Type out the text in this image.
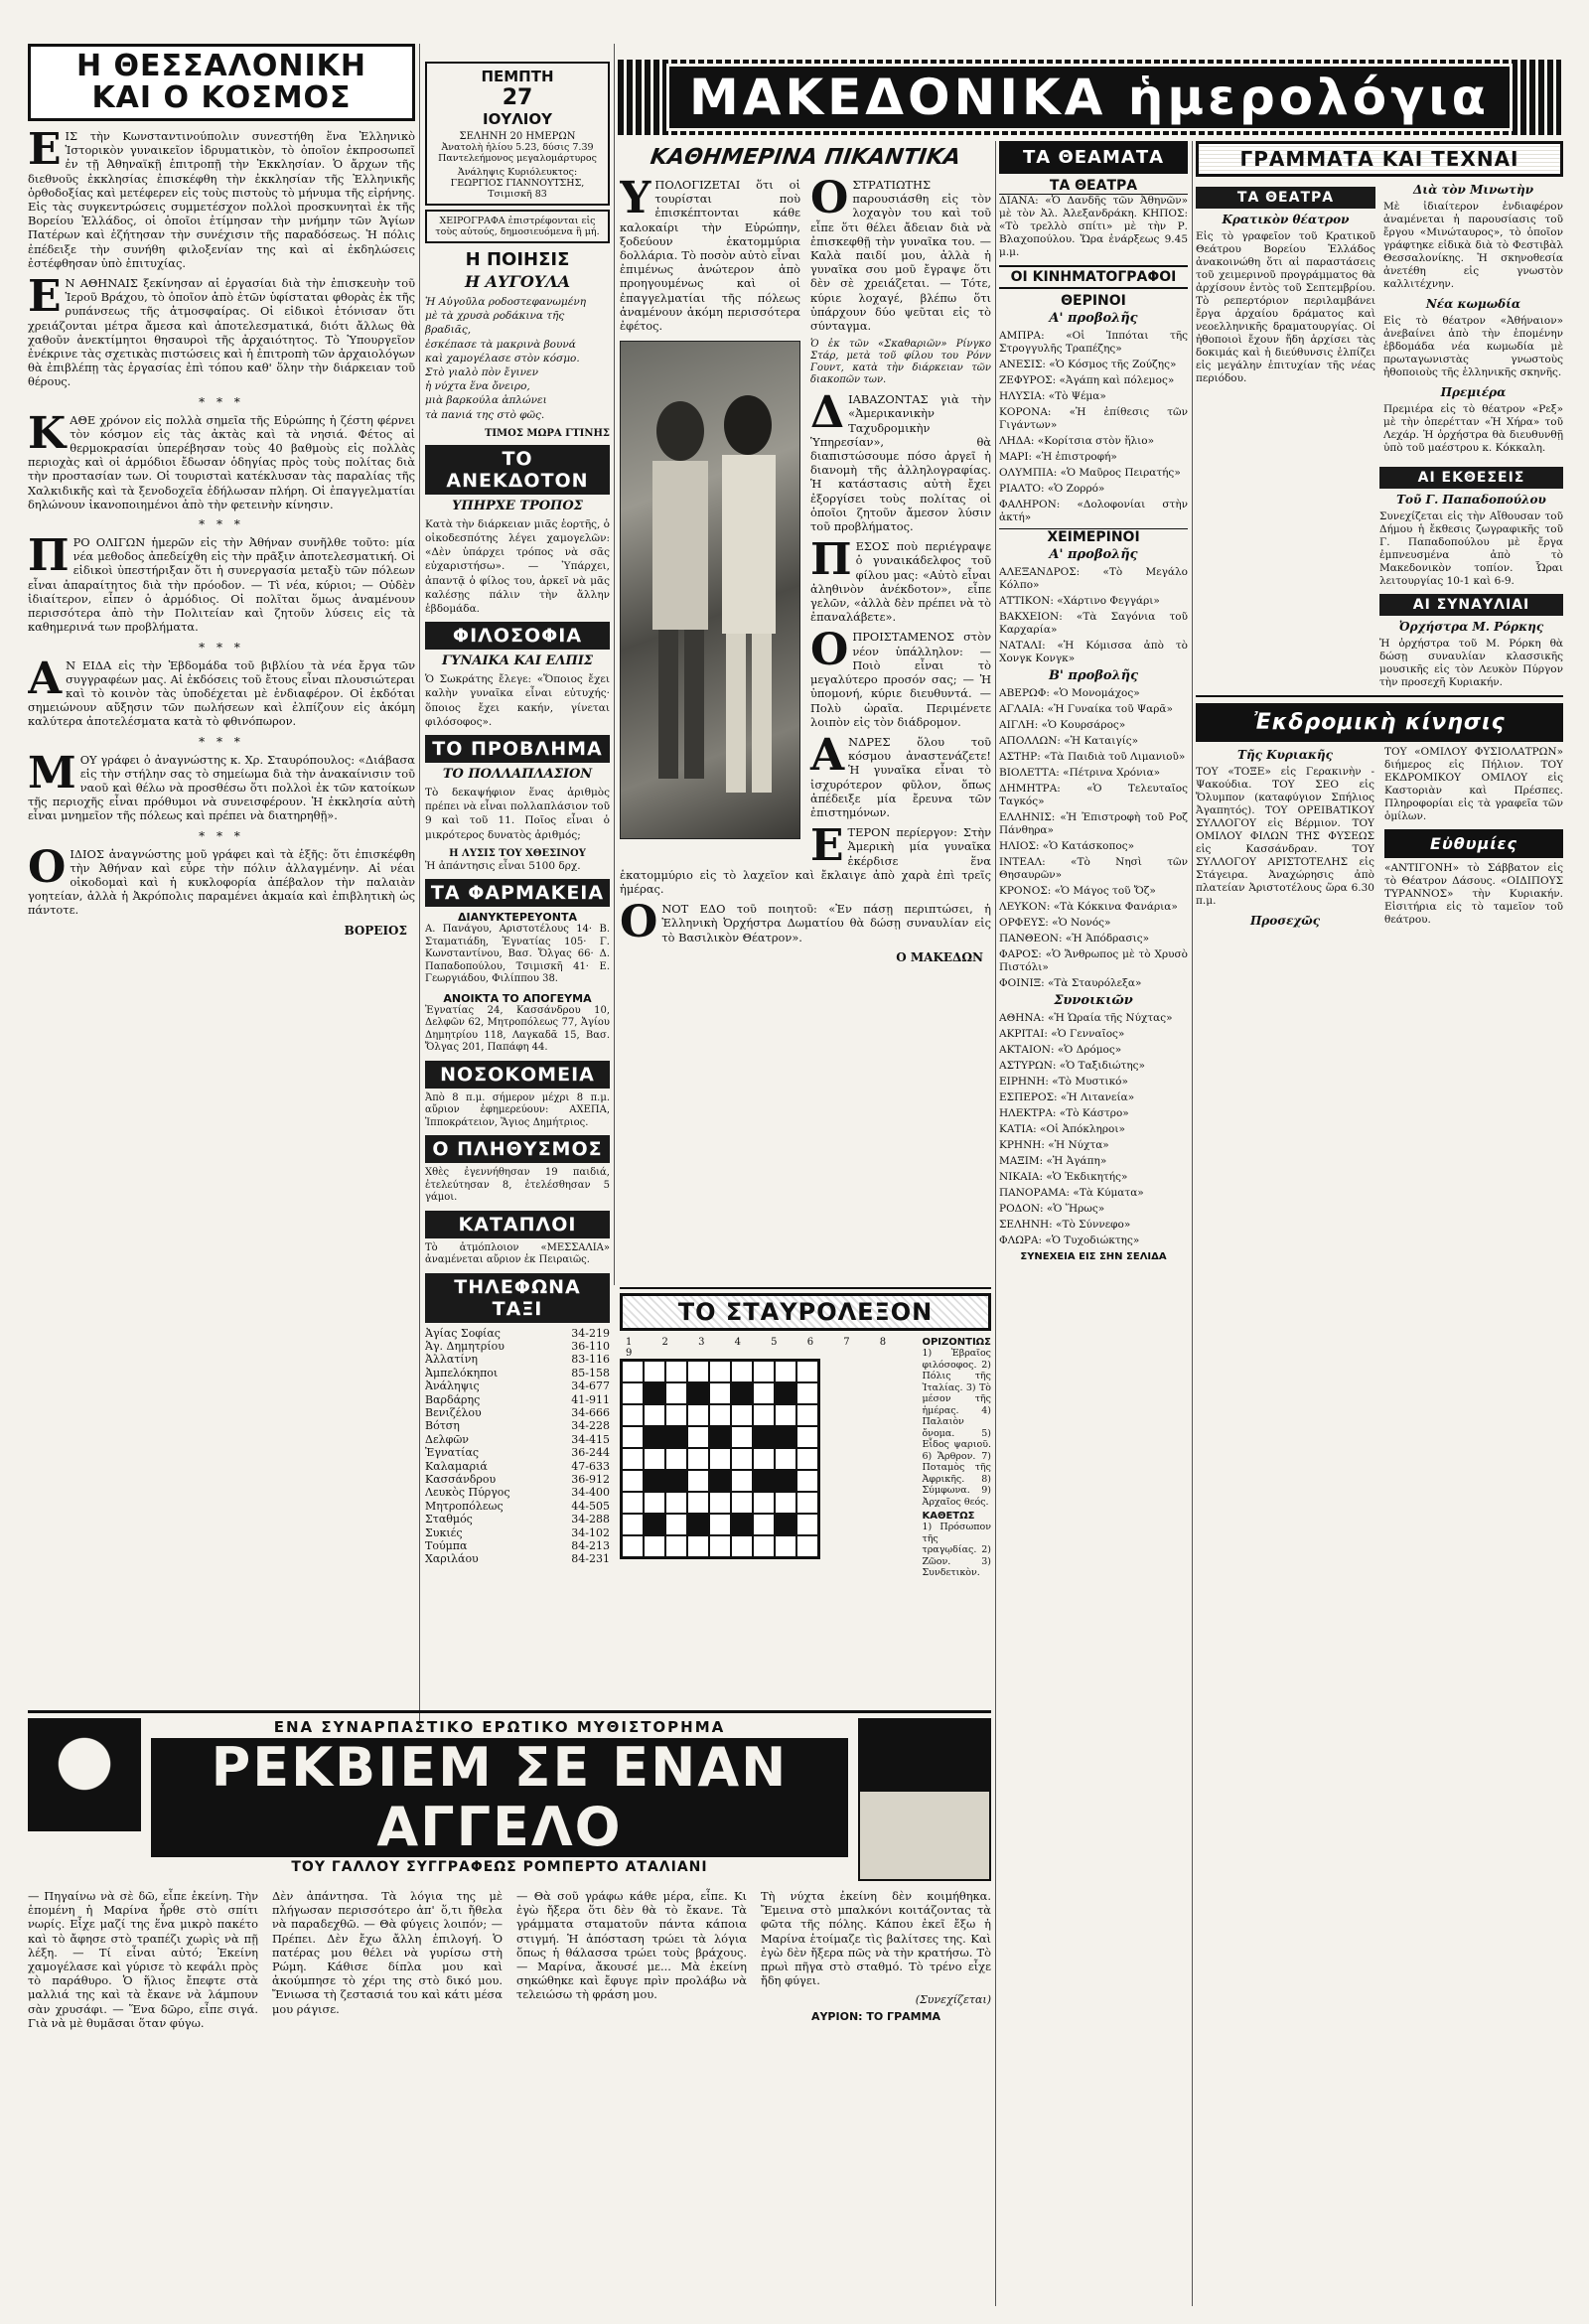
Η ΘΕΣΣΑΛΟΝΙΚΗ
ΚΑΙ Ο ΚΟΣΜΟΣ

ΕΙΣ τὴν Κωνσταντινούπολιν συνεστήθη ἕνα Ἑλληνικὸ Ἱστορικὸν γυναικεῖον ἱδρυματικὸν, τὸ ὁποῖον ἐκπροσωπεῖ ἐν τῇ Ἀθηναϊκῇ ἐπιτροπῇ τὴν Ἐκκλησίαν. Ὁ ἄρχων τῆς διεθνοῦς ἐκκλησίας ἐπισκέφθη τὴν ἐκκλησίαν τῆς Ἐλληνικῆς ὀρθοδοξίας καὶ μετέφερεν εἰς τοὺς πιστοὺς τὸ μήνυμα τῆς εἰρήνης. Εἰς τὰς συγκεντρώσεις συμμετέσχον πολλοὶ προσκυνηταὶ ἐκ τῆς Βορείου Ἑλλάδος, οἱ ὁποῖοι ἐτίμησαν τὴν μνήμην τῶν Ἁγίων Πατέρων καὶ ἐζήτησαν τὴν συνέχισιν τῆς παραδόσεως. Ἡ πόλις ἐπέδειξε τὴν συνήθη φιλοξενίαν της καὶ αἱ ἐκδηλώσεις ἐστέφθησαν ὑπὸ ἐπιτυχίας.

ΕΝ ΑΘΗΝΑΙΣ ξεκίνησαν αἱ ἐργασίαι διὰ τὴν ἐπισκευὴν τοῦ Ἱεροῦ Βράχου, τὸ ὁποῖον ἀπὸ ἐτῶν ὑφίσταται φθορὰς ἐκ τῆς ρυπάνσεως τῆς ἀτμοσφαίρας. Οἱ εἰδικοὶ ἐτόνισαν ὅτι χρειάζονται μέτρα ἄμεσα καὶ ἀποτελεσματικά, διότι ἄλλως θὰ χαθοῦν ἀνεκτίμητοι θησαυροὶ τῆς ἀρχαιότητος. Τὸ Ὑπουργεῖον ἐνέκρινε τὰς σχετικὰς πιστώσεις καὶ ἡ ἐπιτροπὴ τῶν ἀρχαιολόγων θὰ ἐπιβλέπῃ τὰς ἐργασίας ἐπὶ τόπου καθ' ὅλην τὴν διάρκειαν τοῦ θέρους.

* * *

ΚΑΘΕ χρόνον εἰς πολλὰ σημεῖα τῆς Εὐρώπης ἡ ζέστη φέρνει τὸν κόσμον εἰς τὰς ἀκτὰς καὶ τὰ νησιά. Φέτος αἱ θερμοκρασίαι ὑπερέβησαν τοὺς 40 βαθμοὺς εἰς πολλὰς περιοχὰς καὶ οἱ ἁρμόδιοι ἔδωσαν ὁδηγίας πρὸς τοὺς πολίτας διὰ τὴν προστασίαν των. Οἱ τουρισταὶ κατέκλυσαν τὰς παραλίας τῆς Χαλκιδικῆς καὶ τὰ ξενοδοχεῖα ἐδήλωσαν πλήρη. Οἱ ἐπαγγελματίαι δηλώνουν ἱκανοποιημένοι ἀπὸ τὴν φετεινὴν κίνησιν.

* * *

ΠΡΟ ΟΛΙΓΩΝ ἡμερῶν εἰς τὴν Ἀθήναν συνῆλθε τοῦτο: μία νέα μεθοδος ἀπεδείχθη εἰς τὴν πρᾶξιν ἀποτελεσματική. Οἱ εἰδικοὶ ὑπεστήριξαν ὅτι ἡ συνεργασία μεταξὺ τῶν πόλεων εἶναι ἀπαραίτητος διὰ τὴν πρόοδον. — Τὶ νέα, κύριοι; — Οὐδὲν ἰδιαίτερον, εἶπεν ὁ ἀρμόδιος. Οἱ πολῖται ὅμως ἀναμένουν περισσότερα ἀπὸ τὴν Πολιτείαν καὶ ζητοῦν λύσεις εἰς τὰ καθημερινά των προβλήματα.

* * *

ΑΝ ΕΙΔΑ εἰς τὴν Ἑβδομάδα τοῦ βιβλίου τὰ νέα ἔργα τῶν συγγραφέων μας. Αἱ ἐκδόσεις τοῦ ἔτους εἶναι πλουσιώτεραι καὶ τὸ κοινὸν τὰς ὑποδέχεται μὲ ἐνδιαφέρον. Οἱ ἐκδόται σημειώνουν αὔξησιν τῶν πωλήσεων καὶ ἐλπίζουν εἰς ἀκόμη καλύτερα ἀποτελέσματα κατὰ τὸ φθινόπωρον.

* * *

ΜΟΥ γράφει ὁ ἀναγνώστης κ. Χρ. Σταυρόπουλος: «Διάβασα εἰς τὴν στήλην σας τὸ σημείωμα διὰ τὴν ἀνακαίνισιν τοῦ ναοῦ καὶ θέλω νὰ προσθέσω ὅτι πολλοὶ ἐκ τῶν κατοίκων τῆς περιοχῆς εἶναι πρόθυμοι νὰ συνεισφέρουν. Ἡ ἐκκλησία αὐτὴ εἶναι μνημεῖον τῆς πόλεως καὶ πρέπει νὰ διατηρηθῇ».

* * *

ΟΙΔΙΟΣ ἀναγνώστης μοῦ γράφει καὶ τὰ ἑξῆς: ὅτι ἐπισκέφθη τὴν Ἀθήναν καὶ εὗρε τὴν πόλιν ἀλλαγμένην. Αἱ νέαι οἰκοδομαὶ καὶ ἡ κυκλοφορία ἀπέβαλον τὴν παλαιὰν γοητείαν, ἀλλὰ ἡ Ἀκρόπολις παραμένει ἀκμαία καὶ ἐπιβλητικὴ ὡς πάντοτε.

ΒΟΡΕΙΟΣ
ΠΕΜΠΤΗ
27
ΙΟΥΛΙΟΥ
ΣΕΛΗΝΗ 20 ΗΜΕΡΩΝ
Ἀνατολὴ ἡλίου 5.23, δύσις 7.39
Παντελεήμονος μεγαλομάρτυρος
Ἀνάληψις Κυριόλευκτος: ΓΕΩΡΓΙΟΣ ΓΙΑΝΝΟΥΤΣΗΣ, Τσιμισκῆ 83
ΧΕΙΡΟΓΡΑΦΑ ἐπιστρέφονται εἰς τοὺς αὐτούς, δημοσιευόμενα ἢ μή.
Η ΠΟΙΗΣΙΣ
Η ΑΥΓΟΥΛΑ

Ἡ Αὐγοῦλα ροδοστεφανωμένη
μὲ τὰ χρυσὰ ροδάκινα τῆς βραδιᾶς,
ἐσκέπασε τὰ μακρινὰ βουνά
καὶ χαμογέλασε στὸν κόσμο.
Στὸ γιαλὸ πὸν ἔγινεν
ἡ νύχτα ἕνα ὄνειρο,
μιὰ βαρκούλα ἁπλώνει
τὰ πανιά της στὸ φῶς.

ΤΙΜΟΣ ΜΩΡΑ ΓΤΙΝΗΣ
ΤΟ ΑΝΕΚΔΟΤΟΝ
ΥΠΗΡΧΕ ΤΡΟΠΟΣ

Κατὰ τὴν διάρκειαν μιᾶς ἑορτῆς, ὁ οἰκοδεσπότης λέγει χαμογελῶν: «Δὲν ὑπάρχει τρόπος νὰ σᾶς εὐχαριστήσω». — Ὑπάρχει, ἀπαντᾷ ὁ φίλος του, ἀρκεῖ νὰ μᾶς καλέσῃς πάλιν τὴν ἄλλην ἑβδομάδα.

ΦΙΛΟΣΟΦΙΑ
ΓΥΝΑΙΚΑ ΚΑΙ ΕΛΠΙΣ

Ὁ Σωκράτης ἔλεγε: «Ὅποιος ἔχει καλὴν γυναῖκα εἶναι εὐτυχής· ὅποιος ἔχει κακήν, γίνεται φιλόσοφος».

ΤΟ ΠΡΟΒΛΗΜΑ
ΤΟ ΠΟΛΛΑΠΛΑΣΙΟΝ

Τὸ δεκαψήφιον ἕνας ἀριθμὸς πρέπει νὰ εἶναι πολλαπλάσιον τοῦ 9 καὶ τοῦ 11. Ποῖος εἶναι ὁ μικρότερος δυνατὸς ἀριθμός;

Η ΛΥΣΙΣ ΤΟΥ ΧΘΕΣΙΝΟΥ

Ἡ ἀπάντησις εἶναι 5100 δρχ.

ΤΑ ΦΑΡΜΑΚΕΙΑ
ΔΙΑΝΥΚΤΕΡΕΥΟΝΤΑ

Α. Πανάγου, Αριστοτέλους 14· Β. Σταματιάδη, Ἐγνατίας 105· Γ. Κωνσταντίνου, Βασ. Ὄλγας 66· Δ. Παπαδοπούλου, Τσιμισκῆ 41· Ε. Γεωργιάδου, Φιλίππου 38.

ΑΝΟΙΚΤΑ ΤΟ ΑΠΟΓΕΥΜΑ

Ἐγνατίας 24, Κασσάνδρου 10, Δελφῶν 62, Μητροπόλεως 77, Ἀγίου Δημητρίου 118, Λαγκαδᾶ 15, Βασ. Ὄλγας 201, Παπάφη 44.

ΝΟΣΟΚΟΜΕΙΑ

Ἀπὸ 8 π.μ. σήμερον μέχρι 8 π.μ. αὔριον ἐφημερεύουν: ΑΧΕΠΑ, Ἱπποκράτειον, Ἅγιος Δημήτριος.

Ο ΠΛΗΘΥΣΜΟΣ

Χθὲς ἐγεννήθησαν 19 παιδιά, ἐτελεύτησαν 8, ἐτελέσθησαν 5 γάμοι.

ΚΑΤΑΠΛΟΙ

Τὸ ἀτμόπλοιον «ΜΕΣΣΑΛΙΑ» ἀναμένεται αὔριον ἐκ Πειραιῶς.

ΤΗΛΕΦΩΝΑ ΤΑΞΙ
Ἀγίας Σοφίας	34-219
Ἁγ. Δημητρίου	36-110
Ἀλλατίνη	83-116
Ἀμπελόκηποι	85-158
Ἀνάληψις	34-677
Βαρδάρης	41-911
Βενιζέλου	34-666
Βότση	34-228
Δελφῶν	34-415
Ἐγνατίας	36-244
Καλαμαριά	47-633
Κασσάνδρου	36-912
Λευκὸς Πύργος	34-400
Μητροπόλεως	44-505
Σταθμός	34-288
Συκιές	34-102
Τούμπα	84-213
Χαριλάου	84-231
ΜΑΚΕΔΟΝΙΚΑ ἡμερολόγια
ΚΑΘΗΜΕΡΙΝΑ ΠΙΚΑΝΤΙΚΑ

ΥΠΟΛΟΓΙΖΕΤΑΙ ὅτι οἱ τουρίσται ποὺ ἐπισκέπτονται κάθε καλοκαίρι τὴν Εὐρώπην, ξοδεύουν ἑκατομμύρια δολλάρια. Τὸ ποσὸν αὐτὸ εἶναι ἐπιμένως ἀνώτερον ἀπὸ προηγουμένως καὶ οἱ ἐπαγγελματίαι τῆς πόλεως ἀναμένουν ἀκόμη περισσότερα ἐφέτος.

ΟΣΤΡΑΤΙΩΤΗΣ παρουσιάσθη εἰς τὸν λοχαγὸν του καὶ τοῦ εἶπε ὅτι θέλει ἄδειαν διὰ νὰ ἐπισκεφθῇ τὴν γυναῖκα του. — Καλὰ παιδί μου, ἀλλὰ ἡ γυναῖκα σου μοῦ ἔγραψε ὅτι δὲν σὲ χρειάζεται. — Τότε, κύριε λοχαγέ, βλέπω ὅτι ὑπάρχουν δύο ψεῦται εἰς τὸ σύνταγμα.

Ὁ ἐκ τῶν «Σκαθαριῶν» Ρίνγκο Στάρ, μετὰ τοῦ φίλου του Ρόνν Γουντ, κατὰ τὴν διάρκειαν τῶν διακοπῶν των.

ΔΙΑΒΑΖΟΝΤΑΣ γιὰ τὴν «Ἀμερικανικὴν Ταχυδρομικὴν Ὑπηρεσίαν», θὰ διαπιστώσουμε πόσο ἀργεῖ ἡ διανομὴ τῆς ἀλληλογραφίας. Ἡ κατάστασις αὐτὴ ἔχει ἐξοργίσει τοὺς πολίτας οἱ ὁποῖοι ζητοῦν ἄμεσον λύσιν τοῦ προβλήματος.

ΠΕΣΟΣ ποὺ περιέγραψε ὁ γυναικάδελφος τοῦ φίλου μας: «Αὐτὸ εἶναι ἀληθινὸν ἀνέκδοτον», εἶπε γελῶν, «ἀλλὰ δὲν πρέπει νὰ τὸ ἐπαναλάβετε».

ΟΠΡΟΙΣΤΑΜΕΝΟΣ στὸν νέον ὑπάλληλον: — Ποιὸ εἶναι τὸ μεγαλύτερο προσόν σας; — Ἡ ὑπομονή, κύριε διευθυντά. — Πολὺ ὡραῖα. Περιμένετε λοιπὸν εἰς τὸν διάδρομον.

ΑΝΔΡΕΣ ὅλου τοῦ κόσμου ἀναστενάζετε! Ἡ γυναῖκα εἶναι τὸ ἰσχυρότερον φῦλον, ὅπως ἀπέδειξε μία ἔρευνα τῶν ἐπιστημόνων.

ΕΤΕΡΟΝ περίεργον: Στὴν Ἀμερικὴ μία γυναῖκα ἐκέρδισε ἕνα ἑκατομμύριο εἰς τὸ λαχεῖον καὶ ἔκλαιγε ἀπὸ χαρὰ ἐπὶ τρεῖς ἡμέρας.

ΟΝΟΤ ΕΔΟ τοῦ ποιητοῦ: «Ἐν πάσῃ περιπτώσει, ἡ Ἑλληνικὴ Ὀρχήστρα Δωματίου θὰ δώσῃ συναυλίαν εἰς τὸ Βασιλικὸν Θέατρον».

Ο ΜΑΚΕΔΩΝ
ΤΟ ΣΤΑΥΡΟΛΕΞΟΝ
1 2 3 4 5 6 7 8 9
ΟΡΙΖΟΝΤΙΩΣ

1) Ἑβραῖος φιλόσοφος. 2) Πόλις τῆς Ἰταλίας. 3) Τὸ μέσον τῆς ἡμέρας. 4) Παλαιὸν ὄνομα. 5) Εἶδος ψαριοῦ. 6) Ἄρθρον. 7) Ποταμὸς τῆς Ἀφρικῆς. 8) Σύμφωνα. 9) Ἀρχαῖος θεός.

ΚΑΘΕΤΩΣ

1) Πρόσωπον τῆς τραγῳδίας. 2) Ζῶον. 3) Συνδετικὸν.

ΤΑ ΘΕΑΜΑΤΑ
ΤΑ ΘΕΑΤΡΑ

ΔΙΑΝΑ: «Ὁ Δανδῆς τῶν Ἀθηνῶν» μὲ τὸν Ἀλ. Ἀλεξανδράκη. ΚΗΠΟΣ: «Τὸ τρελλὸ σπίτι» μὲ τὴν Ρ. Βλαχοπούλου. Ὥρα ἐνάρξεως 9.45 μ.μ.

ΟΙ ΚΙΝΗΜΑΤΟΓΡΑΦΟΙ
ΘΕΡΙΝΟΙ
Α' προβολῆς

ΑΜΠΡΑ: «Οἱ Ἰππόται τῆς Στρογγυλῆς Τραπέζης»

ΑΝΕΣΙΣ: «Ὁ Κόσμος τῆς Ζούζης»

ΖΕΦΥΡΟΣ: «Ἀγάπη καὶ πόλεμος»

ΗΛΥΣΙΑ: «Τὸ Ψέμα»

ΚΟΡΟΝΑ: «Ἡ ἐπίθεσις τῶν Γιγάντων»

ΛΗΔΑ: «Κορίτσια στὸν ἥλιο»

ΜΑΡΙ: «Ἡ ἐπιστροφή»

ΟΛΥΜΠΙΑ: «Ὁ Μαῦρος Πειρατής»

ΡΙΑΛΤΟ: «Ὁ Ζορρό»

ΦΑΛΗΡΟΝ: «Δολοφονίαι στὴν ἀκτή»

ΧΕΙΜΕΡΙΝΟΙ
Α' προβολῆς

ΑΛΕΞΑΝΔΡΟΣ: «Τὸ Μεγάλο Κόλπο»

ΑΤΤΙΚΟΝ: «Χάρτινο Φεγγάρι»

ΒΑΚΧΕΙΟΝ: «Τὰ Σαγόνια τοῦ Καρχαρία»

ΝΑΤΑΛΙ: «Ἡ Κόμισσα ἀπὸ τὸ Χονγκ Κονγκ»

Β' προβολῆς

ΑΒΕΡΩΦ: «Ὁ Μονομάχος»

ΑΓΛΑΙΑ: «Ἡ Γυναίκα τοῦ Ψαρᾶ»

ΑΙΓΛΗ: «Ὁ Κουρσάρος»

ΑΠΟΛΛΩΝ: «Ἡ Καταιγίς»

ΑΣΤΗΡ: «Τὰ Παιδιὰ τοῦ Λιμανιοῦ»

ΒΙΟΛΕΤΤΑ: «Πέτρινα Χρόνια»

ΔΗΜΗΤΡΑ: «Ὁ Τελευταῖος Ταγκός»

ΕΛΛΗΝΙΣ: «Ἡ Ἐπιστροφὴ τοῦ Ροζ Πάνθηρα»

ΗΛΙΟΣ: «Ὁ Κατάσκοπος»

ΙΝΤΕΑΛ: «Τὸ Νησὶ τῶν Θησαυρῶν»

ΚΡΟΝΟΣ: «Ὁ Μάγος τοῦ Ὄζ»

ΛΕΥΚΟΝ: «Τὰ Κόκκινα Φανάρια»

ΟΡΦΕΥΣ: «Ὁ Νονός»

ΠΑΝΘΕΟΝ: «Ἡ Ἀπόδρασις»

ΦΑΡΟΣ: «Ὁ Ἄνθρωπος μὲ τὸ Χρυσὸ Πιστόλι»

ΦΟΙΝΙΞ: «Τὰ Σταυρόλεξα»

Συνοικιῶν

ΑΘΗΝΑ: «Ἡ Ὡραία τῆς Νύχτας»

ΑΚΡΙΤΑΙ: «Ὁ Γενναῖος»

ΑΚΤΑΙΟΝ: «Ὁ Δρόμος»

ΑΣΤΥΡΩΝ: «Ὁ Ταξιδιώτης»

ΕΙΡΗΝΗ: «Τὸ Μυστικό»

ΕΣΠΕΡΟΣ: «Ἡ Λιτανεία»

ΗΛΕΚΤΡΑ: «Τὸ Κάστρο»

ΚΑΤΙΑ: «Οἱ Ἀπόκληροι»

ΚΡΗΝΗ: «Ἡ Νύχτα»

ΜΑΞΙΜ: «Ἡ Ἀγάπη»

ΝΙΚΑΙΑ: «Ὁ Ἐκδικητής»

ΠΑΝΟΡΑΜΑ: «Τὰ Κύματα»

ΡΟΔΟΝ: «Ὁ Ἥρως»

ΣΕΛΗΝΗ: «Τὸ Σύννεφο»

ΦΛΩΡΑ: «Ὁ Τυχοδιώκτης»

ΣΥΝΕΧΕΙΑ ΕΙΣ ΣΗΝ ΣΕΛΙΔΑ
ΓΡΑΜΜΑΤΑ ΚΑΙ ΤΕΧΝΑΙ
ΤΑ ΘΕΑΤΡΑ
Κρατικὸν θέατρον

Εἰς τὸ γραφεῖον τοῦ Κρατικοῦ Θεάτρου Βορείου Ἑλλάδος ἀνακοινώθη ὅτι αἱ παραστάσεις τοῦ χειμερινοῦ προγράμματος θὰ ἀρχίσουν ἐντὸς τοῦ Σεπτεμβρίου. Τὸ ρεπερτόριον περιλαμβάνει ἔργα ἀρχαίου δράματος καὶ νεοελληνικῆς δραματουργίας. Οἱ ἠθοποιοὶ ἔχουν ἤδη ἀρχίσει τὰς δοκιμάς καὶ ἡ διεύθυνσις ἐλπίζει εἰς μεγάλην ἐπιτυχίαν τῆς νέας περιόδου.

Διὰ τὸν Μινωτὴν

Μὲ ἰδιαίτερον ἐνδιαφέρον ἀναμένεται ἡ παρουσίασις τοῦ ἔργου «Μινώταυρος», τὸ ὁποῖον γράφτηκε εἰδικὰ διὰ τὸ Φεστιβὰλ Θεσσαλονίκης. Ἡ σκηνοθεσία ἀνετέθη εἰς γνωστὸν καλλιτέχνην.

Νέα κωμωδία

Εἰς τὸ θέατρον «Ἀθήναιον» ἀνεβαίνει ἀπὸ τὴν ἑπομένην ἑβδομάδα νέα κωμωδία μὲ πρωταγωνιστὰς γνωστοὺς ἠθοποιοὺς τῆς ἑλληνικῆς σκηνῆς.

Πρεμιέρα

Πρεμιέρα εἰς τὸ θέατρον «Ρεξ» μὲ τὴν ὀπερέτταν «Ἡ Χήρα» τοῦ Λεχάρ. Ἡ ὀρχήστρα θὰ διευθυνθῇ ὑπὸ τοῦ μαέστρου κ. Κόκκαλη.

ΑΙ ΕΚΘΕΣΕΙΣ
Τοῦ Γ. Παπαδοπούλου

Συνεχίζεται εἰς τὴν Αἴθουσαν τοῦ Δήμου ἡ ἔκθεσις ζωγραφικῆς τοῦ Γ. Παπαδοπούλου μὲ ἔργα ἐμπνευσμένα ἀπὸ τὸ Μακεδονικὸν τοπίον. Ὧραι λειτουργίας 10-1 καὶ 6-9.

ΑΙ ΣΥΝΑΥΛΙΑΙ
Ὀρχήστρα Μ. Ρόρκης

Ἡ ὀρχήστρα τοῦ Μ. Ρόρκη θὰ δώσῃ συναυλίαν κλασσικῆς μουσικῆς εἰς τὸν Λευκὸν Πύργον τὴν προσεχῆ Κυριακήν.

Ἐκδρομικὴ κίνησις
Τῆς Κυριακῆς

ΤΟΥ «ΤΟΞΕ» εἰς Γερακινὴν - Ψακούδια. ΤΟΥ ΣΕΟ εἰς Ὄλυμπον (καταφύγιον Σπήλιος Ἀγαπητός). ΤΟΥ ΟΡΕΙΒΑΤΙΚΟΥ ΣΥΛΛΟΓΟΥ εἰς Βέρμιον. ΤΟΥ ΟΜΙΛΟΥ ΦΙΛΩΝ ΤΗΣ ΦΥΣΕΩΣ εἰς Κασσάνδραν. ΤΟΥ ΣΥΛΛΟΓΟΥ ΑΡΙΣΤΟΤΕΛΗΣ εἰς Στάγειρα. Ἀναχώρησις ἀπὸ πλατείαν Ἀριστοτέλους ὥρα 6.30 π.μ.

Προσεχῶς

ΤΟΥ «ΟΜΙΛΟΥ ΦΥΣΙΟΛΑΤΡΩΝ» διήμερος εἰς Πήλιον. ΤΟΥ ΕΚΔΡΟΜΙΚΟΥ ΟΜΙΛΟΥ εἰς Καστοριὰν καὶ Πρέσπες. Πληροφορίαι εἰς τὰ γραφεῖα τῶν ὁμίλων.

Εὐθυμίες

«ΑΝΤΙΓΟΝΗ» τὸ Σάββατον εἰς τὸ Θέατρον Δάσους. «ΟΙΔΙΠΟΥΣ ΤΥΡΑΝΝΟΣ» τὴν Κυριακήν. Εἰσιτήρια εἰς τὸ ταμεῖον τοῦ θεάτρου.

ΕΝΑ ΣΥΝΑΡΠΑΣΤΙΚΟ ΕΡΩΤΙΚΟ ΜΥΘΙΣΤΟΡΗΜΑ
ΡΕΚΒΙΕΜ ΣΕ ΕΝΑΝ ΑΓΓΕΛΟ
ΤΟΥ ΓΑΛΛΟΥ ΣΥΓΓΡΑΦΕΩΣ ΡΟΜΠΕΡΤΟ ΑΤΑΛΙΑΝΙ

— Πηγαίνω νὰ σὲ δῶ, εἶπε ἐκείνη. Τὴν ἑπομένη ἡ Μαρίνα ἦρθε στὸ σπίτι νωρίς. Εἶχε μαζί της ἕνα μικρὸ πακέτο καὶ τὸ ἄφησε στὸ τραπέζι χωρὶς νὰ πῇ λέξη. — Τί εἶναι αὐτό; Ἐκείνη χαμογέλασε καὶ γύρισε τὸ κεφάλι πρὸς τὸ παράθυρο. Ὁ ἥλιος ἔπεφτε στὰ μαλλιά της καὶ τὰ ἔκανε νὰ λάμπουν σὰν χρυσάφι. — Ἕνα δῶρο, εἶπε σιγά. Γιὰ νὰ μὲ θυμᾶσαι ὅταν φύγω.

Δὲν ἀπάντησα. Τὰ λόγια της μὲ πλήγωσαν περισσότερο ἀπ' ὅ,τι ἤθελα νὰ παραδεχθῶ. — Θὰ φύγεις λοιπόν; — Πρέπει. Δὲν ἔχω ἄλλη ἐπιλογή. Ὁ πατέρας μου θέλει νὰ γυρίσω στὴ Ρώμη. Κάθισε δίπλα μου καὶ ἀκούμπησε τὸ χέρι της στὸ δικό μου. Ἔνιωσα τὴ ζεστασιά του καὶ κάτι μέσα μου ράγισε.

— Θὰ σοῦ γράφω κάθε μέρα, εἶπε. Κι ἐγὼ ἤξερα ὅτι δὲν θὰ τὸ ἔκανε. Τὰ γράμματα σταματοῦν πάντα κάποια στιγμή. Ἡ ἀπόσταση τρώει τὰ λόγια ὅπως ἡ θάλασσα τρώει τοὺς βράχους. — Μαρίνα, ἄκουσέ με... Μὰ ἐκείνη σηκώθηκε καὶ ἔφυγε πρὶν προλάβω νὰ τελειώσω τὴ φράση μου.

Τὴ νύχτα ἐκείνη δὲν κοιμήθηκα. Ἔμεινα στὸ μπαλκόνι κοιτάζοντας τὰ φῶτα τῆς πόλης. Κάπου ἐκεῖ ἔξω ἡ Μαρίνα ἑτοίμαζε τὶς βαλίτσες της. Καὶ ἐγὼ δὲν ἤξερα πῶς νὰ τὴν κρατήσω. Τὸ πρωὶ πῆγα στὸ σταθμό. Τὸ τρένο εἶχε ἤδη φύγει.

(Συνεχίζεται)
ΑΥΡΙΟΝ: ΤΟ ΓΡΑΜΜΑ
